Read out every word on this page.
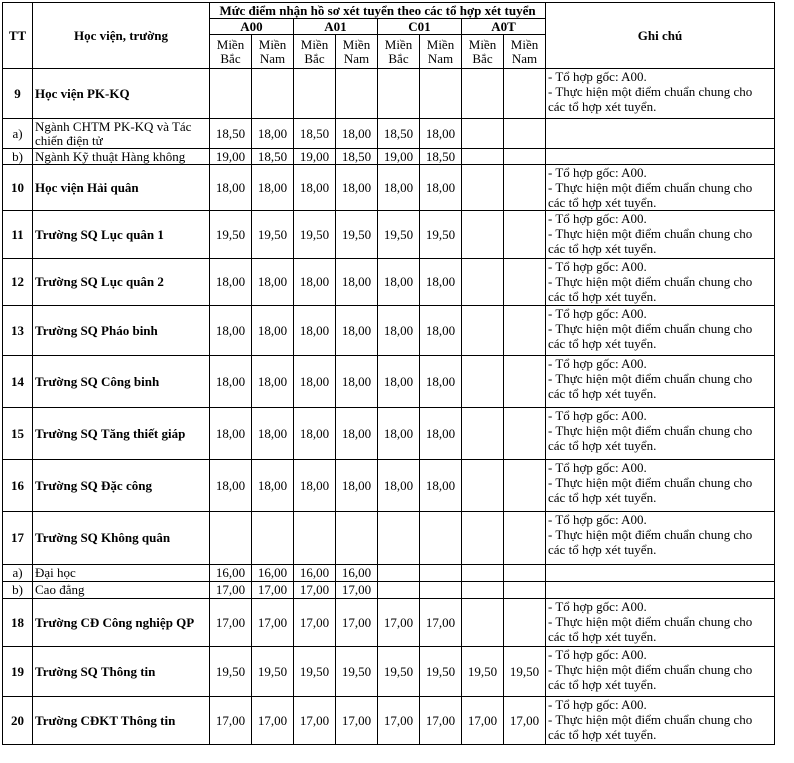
TT	Học viện, trường	Mức điểm nhận hồ sơ xét tuyển theo các tổ hợp xét tuyển								Ghi chú
		A00		A01		C01		A0T		
		Miền Bắc	Miền Nam	Miền Bắc	Miền Nam	Miền Bắc	Miền Nam	Miền Bắc	Miền Nam	
9	Học viện PK-KQ									- Tổ hợp gốc: A00.
- Thực hiện một điểm chuẩn chung cho các tổ hợp xét tuyển.
a)	Ngành CHTM PK-KQ và Tác chiến điện tử	18,50	18,00	18,50	18,00	18,50	18,00			
b)	Ngành Kỹ thuật Hàng không	19,00	18,50	19,00	18,50	19,00	18,50			
10	Học viện Hải quân	18,00	18,00	18,00	18,00	18,00	18,00			- Tổ hợp gốc: A00.
- Thực hiện một điểm chuẩn chung cho các tổ hợp xét tuyển.
11	Trường SQ Lục quân 1	19,50	19,50	19,50	19,50	19,50	19,50			- Tổ hợp gốc: A00.
- Thực hiện một điểm chuẩn chung cho các tổ hợp xét tuyển.
12	Trường SQ Lục quân 2	18,00	18,00	18,00	18,00	18,00	18,00			- Tổ hợp gốc: A00.
- Thực hiện một điểm chuẩn chung cho các tổ hợp xét tuyển.
13	Trường SQ Pháo binh	18,00	18,00	18,00	18,00	18,00	18,00			- Tổ hợp gốc: A00.
- Thực hiện một điểm chuẩn chung cho các tổ hợp xét tuyển.
14	Trường SQ Công binh	18,00	18,00	18,00	18,00	18,00	18,00			- Tổ hợp gốc: A00.
- Thực hiện một điểm chuẩn chung cho các tổ hợp xét tuyển.
15	Trường SQ Tăng thiết giáp	18,00	18,00	18,00	18,00	18,00	18,00			- Tổ hợp gốc: A00.
- Thực hiện một điểm chuẩn chung cho các tổ hợp xét tuyển.
16	Trường SQ Đặc công	18,00	18,00	18,00	18,00	18,00	18,00			- Tổ hợp gốc: A00.
- Thực hiện một điểm chuẩn chung cho các tổ hợp xét tuyển.
17	Trường SQ Không quân									- Tổ hợp gốc: A00.
- Thực hiện một điểm chuẩn chung cho các tổ hợp xét tuyển.
a)	Đại học	16,00	16,00	16,00	16,00					
b)	Cao đẳng	17,00	17,00	17,00	17,00					
18	Trường CĐ Công nghiệp QP	17,00	17,00	17,00	17,00	17,00	17,00			- Tổ hợp gốc: A00.
- Thực hiện một điểm chuẩn chung cho các tổ hợp xét tuyển.
19	Trường SQ Thông tin	19,50	19,50	19,50	19,50	19,50	19,50	19,50	19,50	- Tổ hợp gốc: A00.
- Thực hiện một điểm chuẩn chung cho các tổ hợp xét tuyển.
20	Trường CĐKT Thông tin	17,00	17,00	17,00	17,00	17,00	17,00	17,00	17,00	- Tổ hợp gốc: A00.
- Thực hiện một điểm chuẩn chung cho các tổ hợp xét tuyển.
